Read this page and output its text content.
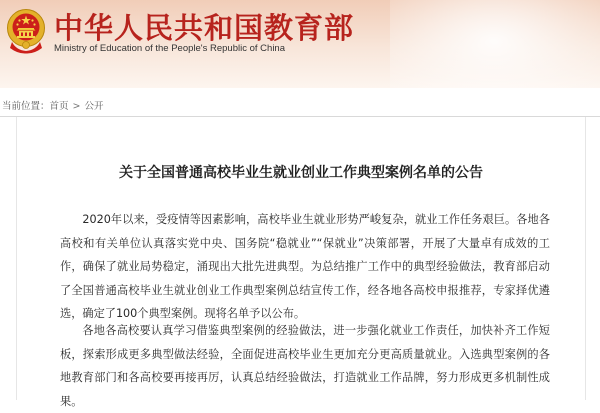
中华人民共和国教育部
Ministry of Education of the People's Republic of China
当前位置：首页 > 公开
关于全国普通高校毕业生就业创业工作典型案例名单的公告

2020年以来，受疫情等因素影响，高校毕业生就业形势严峻复杂，就业工作任务艰巨。各地各高校和有关单位认真落实党中央、国务院“稳就业”“保就业”决策部署，开展了大量卓有成效的工作，确保了就业局势稳定，涌现出大批先进典型。为总结推广工作中的典型经验做法，教育部启动了全国普通高校毕业生就业创业工作典型案例总结宣传工作，经各地各高校申报推荐，专家择优遴选，确定了100个典型案例。现将名单予以公布。

各地各高校要认真学习借鉴典型案例的经验做法，进一步强化就业工作责任，加快补齐工作短板，探索形成更多典型做法经验，全面促进高校毕业生更加充分更高质量就业。入选典型案例的各地教育部门和各高校要再接再厉，认真总结经验做法，打造就业工作品牌，努力形成更多机制性成果。
